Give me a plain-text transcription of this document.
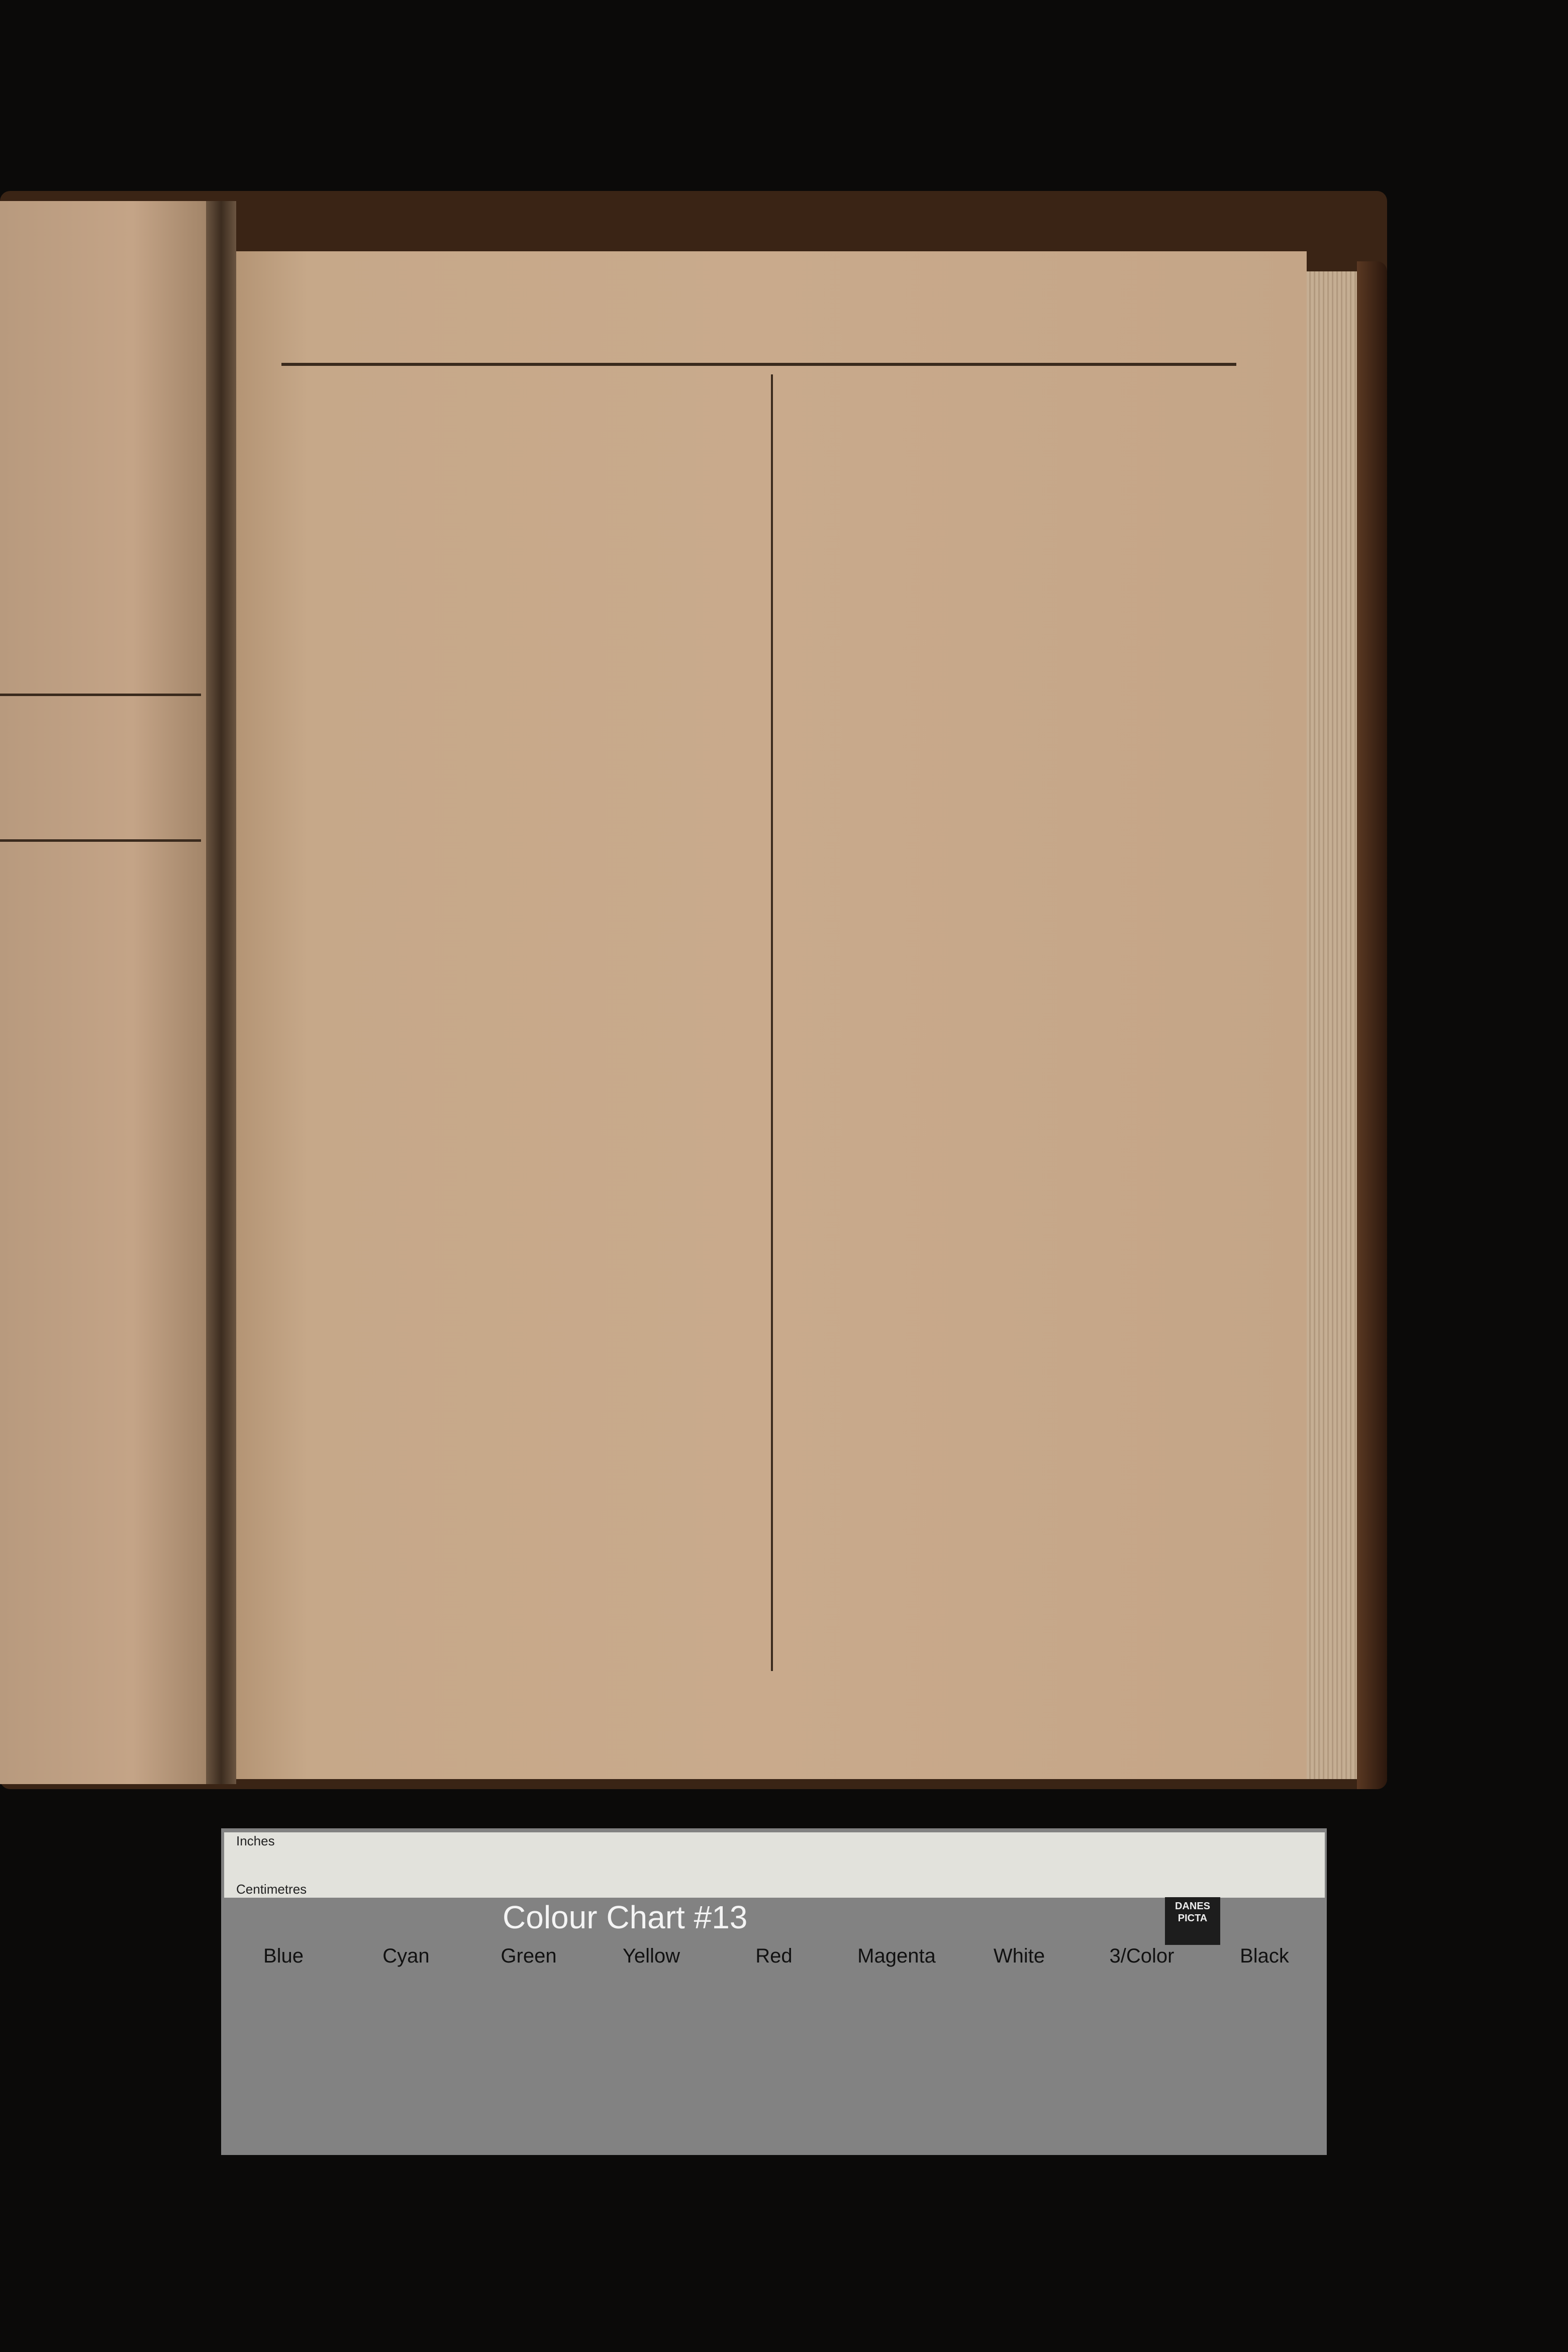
Inches
Centimetres
Colour Chart #13	DANES
PICTA
Blue	Cyan	Green	Yellow	Red	Magenta	White	3/Color	Black
